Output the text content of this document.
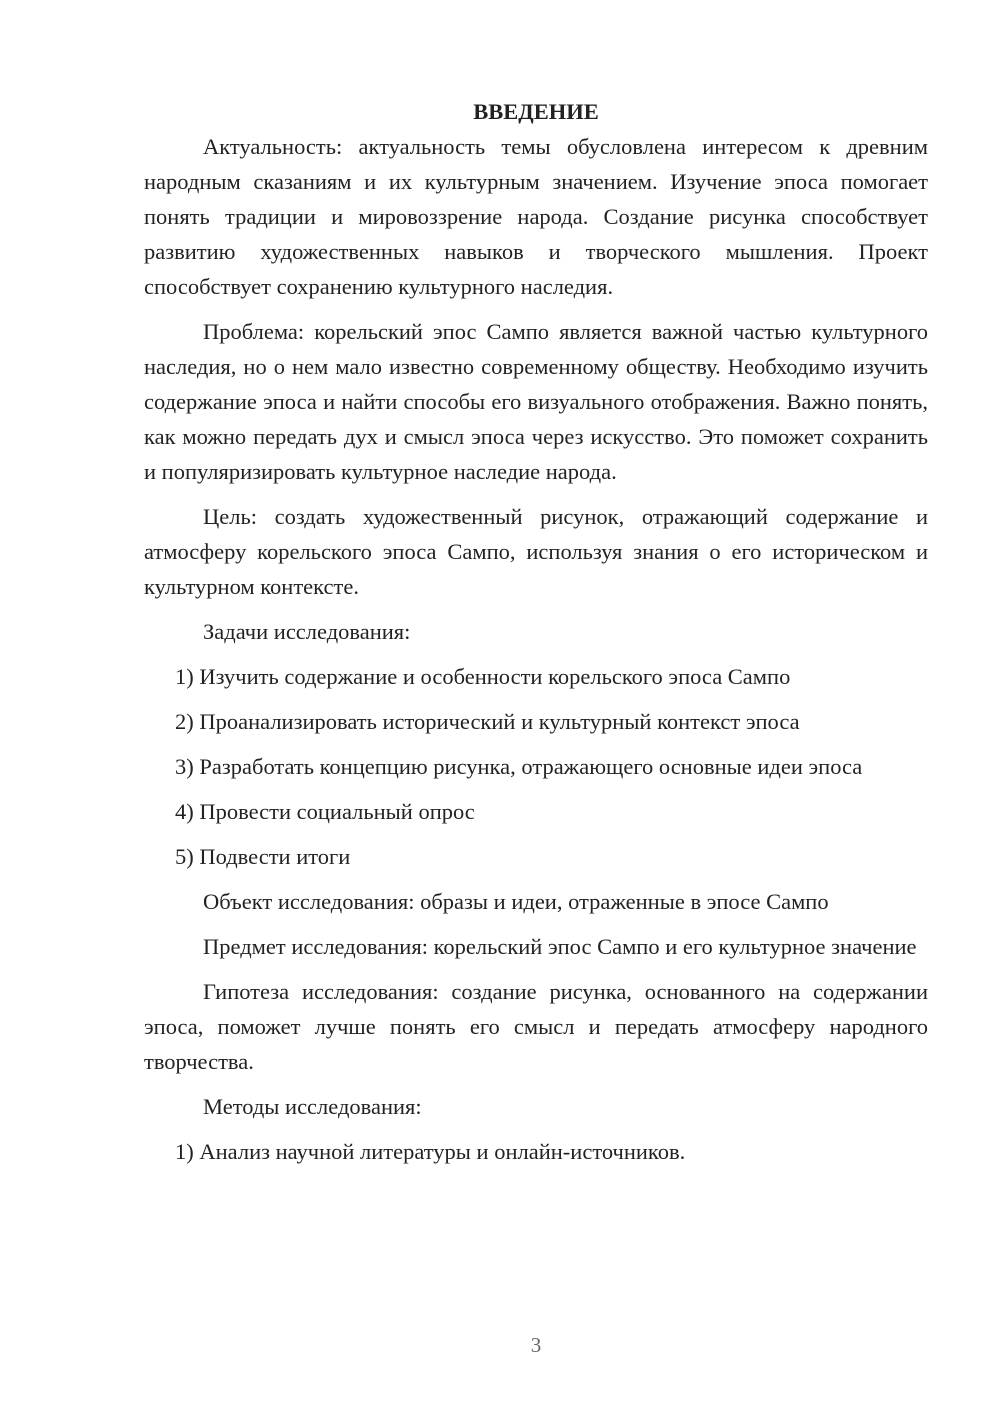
ВВЕДЕНИЕ

Актуальность: актуальность темы обусловлена интересом к древним народным сказаниям и их культурным значением. Изучение эпоса помогает понять традиции и мировоззрение народа. Создание рисунка способствует развитию художественных навыков и творческого мышления. Проект способствует сохранению культурного наследия.

Проблема: корельский эпос Сампо является важной частью культурного наследия, но о нем мало известно современному обществу. Необходимо изучить содержание эпоса и найти способы его визуального отображения. Важно понять, как можно передать дух и смысл эпоса через искусство. Это поможет сохранить и популяризировать культурное наследие народа.

Цель: создать художественный рисунок, отражающий содержание и атмосферу корельского эпоса Сампо, используя знания о его историческом и культурном контексте.

Задачи исследования:

1) Изучить содержание и особенности корельского эпоса Сампо

2) Проанализировать исторический и культурный контекст эпоса

3) Разработать концепцию рисунка, отражающего основные идеи эпоса

4) Провести социальный опрос

5) Подвести итоги

Объект исследования: образы и идеи, отраженные в эпосе Сампо

Предмет исследования: корельский эпос Сампо и его культурное значение

Гипотеза исследования: создание рисунка, основанного на содержании эпоса, поможет лучше понять его смысл и передать атмосферу народного творчества.

Методы исследования:

1) Анализ научной литературы и онлайн-источников.

3
